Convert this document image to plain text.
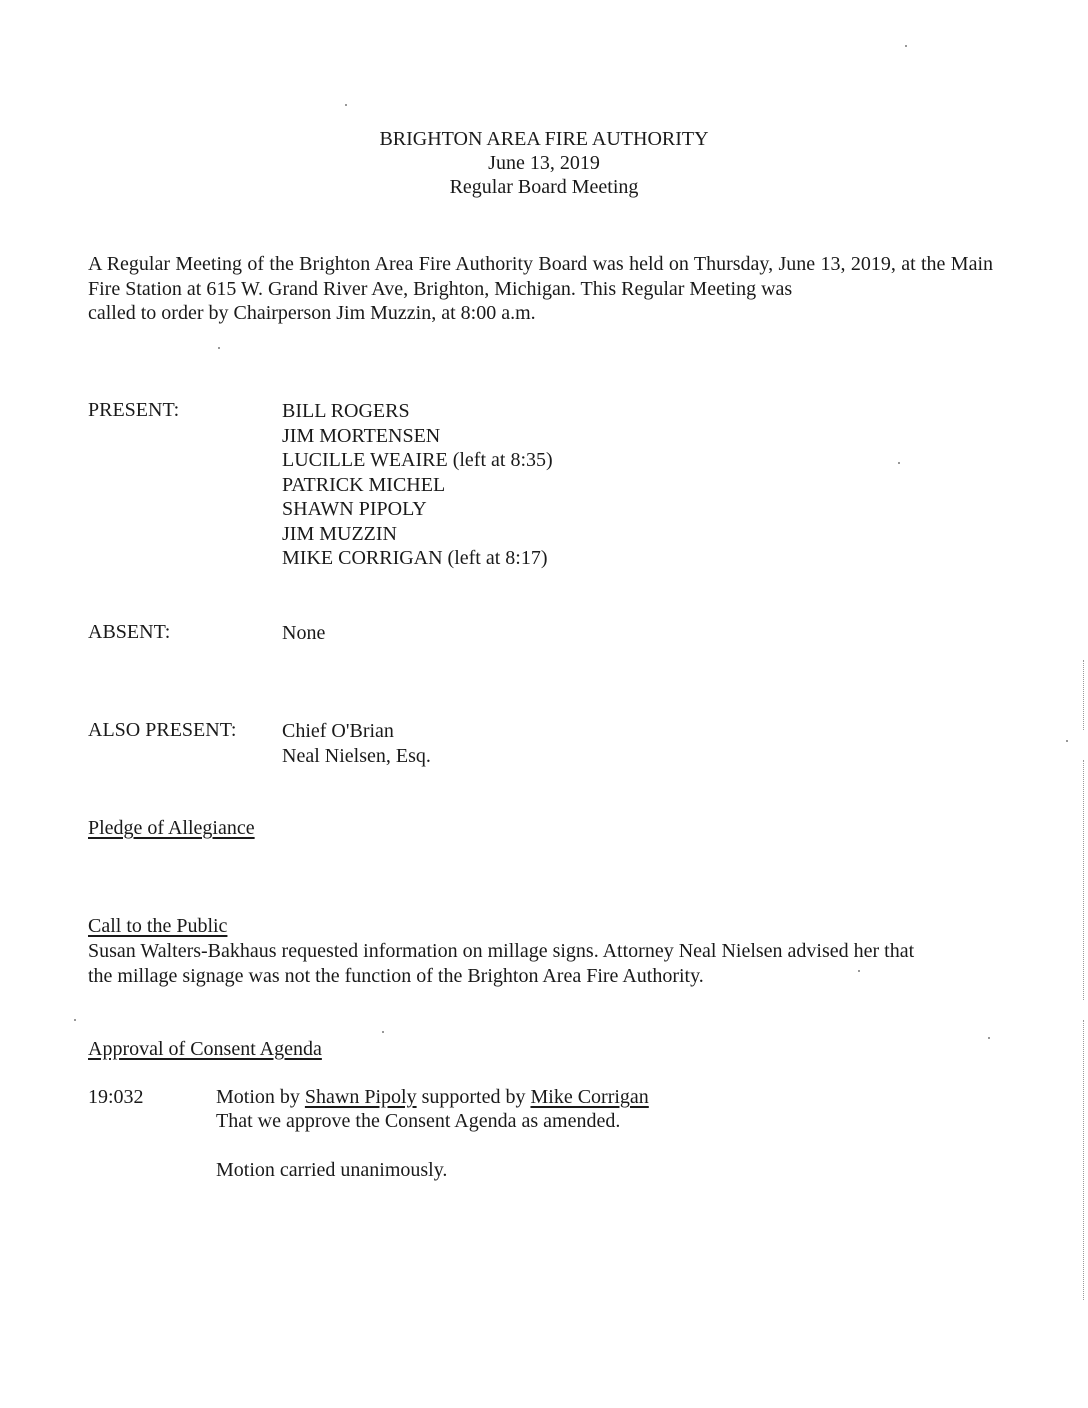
BRIGHTON AREA FIRE AUTHORITY
June 13, 2019
Regular Board Meeting
A Regular Meeting of the Brighton Area Fire Authority Board was held on Thursday, June 13, 2019, at the Main Fire Station at 615 W. Grand River Ave, Brighton, Michigan. This Regular Meeting was
called to order by Chairperson Jim Muzzin, at 8:00 a.m.
PRESENT:	BILL ROGERS
JIM MORTENSEN
LUCILLE WEAIRE (left at 8:35)
PATRICK MICHEL
SHAWN PIPOLY
JIM MUZZIN
MIKE CORRIGAN (left at 8:17)
ABSENT:	None
ALSO PRESENT: Chief O'Brian
Neal Nielsen, Esq.
Pledge of Allegiance
Call to the Public
Susan Walters-Bakhaus requested information on millage signs. Attorney Neal Nielsen advised her that
the millage signage was not the function of the Brighton Area Fire Authority.
Approval of Consent Agenda
19:032	Motion by Shawn Pipoly supported by Mike Corrigan
That we approve the Consent Agenda as amended.
Motion carried unanimously.
